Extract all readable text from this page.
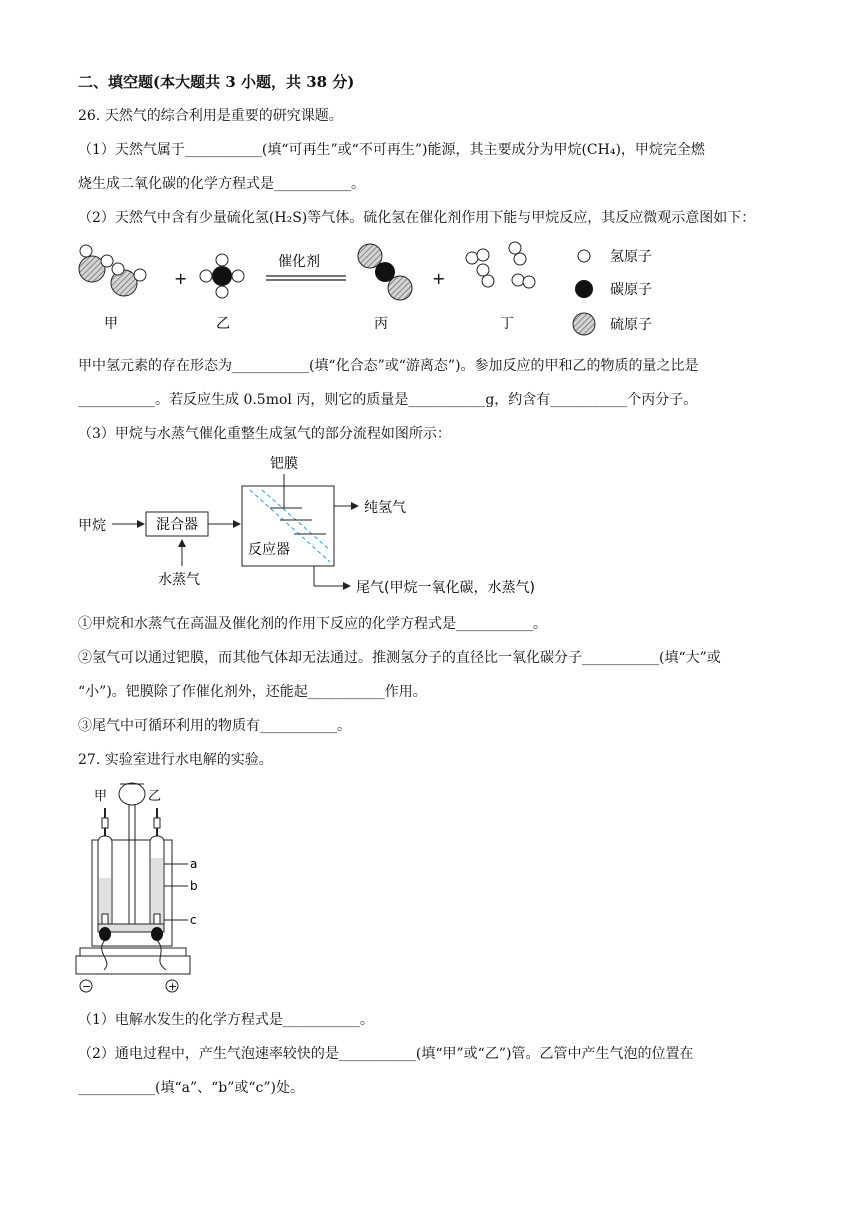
二、填空题(本大题共 3 小题，共 38 分)
26. 天然气的综合利用是重要的研究课题。
（1）天然气属于___________(填“可再生”或“不可再生”)能源，其主要成分为甲烷(CH₄)，甲烷完全燃
烧生成二氧化碳的化学方程式是___________。
（2）天然气中含有少量硫化氢(H₂S)等气体。硫化氢在催化剂作用下能与甲烷反应，其反应微观示意图如下：
+
催化剂
+
甲	乙	丙	丁
氢原子
碳原子
硫原子
甲中氢元素的存在形态为___________(填“化合态”或“游离态”)。参加反应的甲和乙的物质的量之比是
___________。若反应生成 0.5mol 丙，则它的质量是___________g，约含有___________个丙分子。
（3）甲烷与水蒸气催化重整生成氢气的部分流程如图所示：
甲烷	混合器
水蒸气
钯膜
反应器
纯氢气
尾气(甲烷一氧化碳，水蒸气)
①甲烷和水蒸气在高温及催化剂的作用下反应的化学方程式是___________。
②氢气可以通过钯膜，而其他气体却无法通过。推测氢分子的直径比一氧化碳分子___________(填“大”或
“小”)。钯膜除了作催化剂外，还能起___________作用。
③尾气中可循环利用的物质有___________。
27. 实验室进行水电解的实验。
甲	乙
a
b
c
−	+
（1）电解水发生的化学方程式是___________。
（2）通电过程中，产生气泡速率较快的是___________(填“甲”或“乙”)管。乙管中产生气泡的位置在
___________(填“a”、“b”或“c”)处。
